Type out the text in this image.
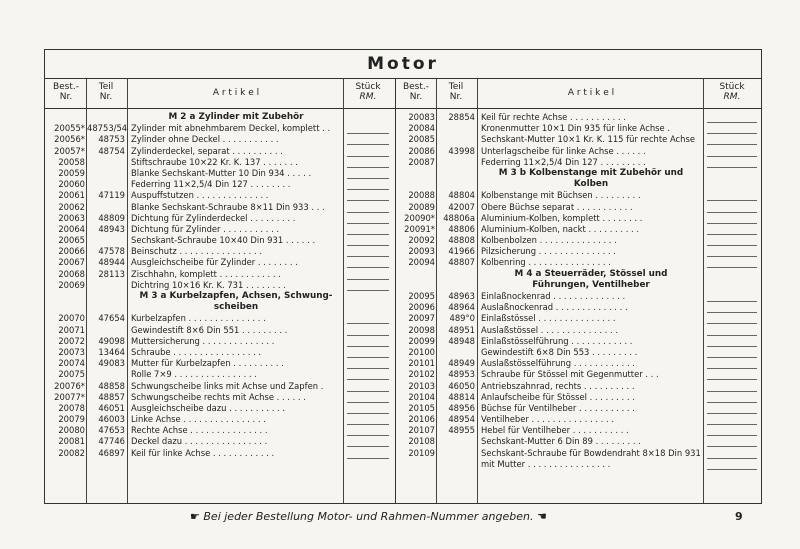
Motor
Best.-
Nr.
Teil
Nr.	A r t i k e l
Stück
RM.
M 2 a Zylinder mit Zubehör
20055* 48753/54 Zylinder mit abnehmbarem Deckel, komplett . .
20056*	48753 Zylinder ohne Deckel . . . . . . . . . . .
20057*	48754 Zylinderdeckel, separat . . . . . . . . . .
20058	Stiftschraube 10×22 Kr. K. 137 . . . . . . .
20059	Blanke Sechskant-Mutter 10 Din 934 . . . . .
20060	Federring 11×2,5/4 Din 127 . . . . . . . .
20061	47119 Auspuffstutzen . . . . . . . . . . . . . .
20062	Blanke Sechskant-Schraube 8×11 Din 933 . . .
20063	48809 Dichtung für Zylinderdeckel . . . . . . . . .
20064	48943 Dichtung für Zylinder . . . . . . . . . . .
20065	Sechskant-Schraube 10×40 Din 931 . . . . . .
20066	47578 Beinschutz . . . . . . . . . . . . . . . .
20067	48944 Ausgleichscheibe für Zylinder . . . . . . . .
20068	28113 Zischhahn, komplett . . . . . . . . . . . .
20069	Dichtring 10×16 Kr. K. 731 . . . . . . . .
M 3 a Kurbelzapfen, Achsen, Schwung-
scheiben
20070	47654 Kurbelzapfen . . . . . . . . . . . . . . .
20071	Gewindestift 8×6 Din 551 . . . . . . . . .
20072	49098 Muttersicherung . . . . . . . . . . . . . .
20073	13464 Schraube . . . . . . . . . . . . . . . . .
20074	49083 Mutter für Kurbelzapfen . . . . . . . . . .
20075	Rolle 7×9 . . . . . . . . . . . . . . . .
20076*	48858 Schwungscheibe links mit Achse und Zapfen .
20077*	48857 Schwungscheibe rechts mit Achse . . . . . .
20078	46051 Ausgleichscheibe dazu . . . . . . . . . . .
20079	46003 Linke Achse . . . . . . . . . . . . . . . .
20080	47653 Rechte Achse . . . . . . . . . . . . . . .
20081	47746 Deckel dazu . . . . . . . . . . . . . . . .
20082	46897 Keil für linke Achse . . . . . . . . . . . .
Best.-
Nr.
Teil
Nr.	A r t i k e l
Stück
RM.
20083	28854 Keil für rechte Achse . . . . . . . . . . .
20084	Kronenmutter 10×1 Din 935 für linke Achse .
20085	Sechskant-Mutter 10×1 Kr. K. 115 für rechte Achse
20086	43998 Unterlagscheibe für linke Achse . . . . . .
20087	Federring 11×2,5/4 Din 127 . . . . . . . . .
M 3 b Kolbenstange mit Zubehör und
Kolben
20088	48804 Kolbenstange mit Büchsen . . . . . . . . .
20089	42007 Obere Büchse separat . . . . . . . . . . .
20090* 48806a Aluminium-Kolben, komplett . . . . . . . .
20091*	48806 Aluminium-Kolben, nackt . . . . . . . . . .
20092	48808 Kolbenbolzen . . . . . . . . . . . . . . .
20093	41966 Pilzsicherung . . . . . . . . . . . . . . .
20094	48807 Kolbenring . . . . . . . . . . . . . . . .
M 4 a Steuerräder, Stössel und
Führungen, Ventilheber
20095	48963 Einlaßnockenrad . . . . . . . . . . . . . .
20096	48964 Auslaßnockenrad . . . . . . . . . . . . . .
20097	489°0 Einlaßstössel . . . . . . . . . . . . . . .
20098	48951 Auslaßstössel . . . . . . . . . . . . . . .
20099	48948 Einlaßstösselführung . . . . . . . . . . . .
20100	Gewindestift 6×8 Din 553 . . . . . . . . .
20101	48949 Auslaßstösselführung . . . . . . . . . . . .
20102	48953 Schraube für Stössel mit Gegenmutter . . .
20103	46050 Antriebszahnrad, rechts . . . . . . . . . .
20104	48814 Anlaufscheibe für Stössel . . . . . . . . .
20105	48956 Büchse für Ventilheber . . . . . . . . . . .
20106	48954 Ventilheber . . . . . . . . . . . . . . . .
20107	48955 Hebel für Ventilheber . . . . . . . . . . .
20108	Sechskant-Mutter 6 Din 89 . . . . . . . . .
20109	Sechskant-Schraube für Bowdendraht 8×18 Din 931
mit Mutter . . . . . . . . . . . . . . . .
☛ Bei jeder Bestellung Motor- und Rahmen-Nummer angeben. ☚	9
